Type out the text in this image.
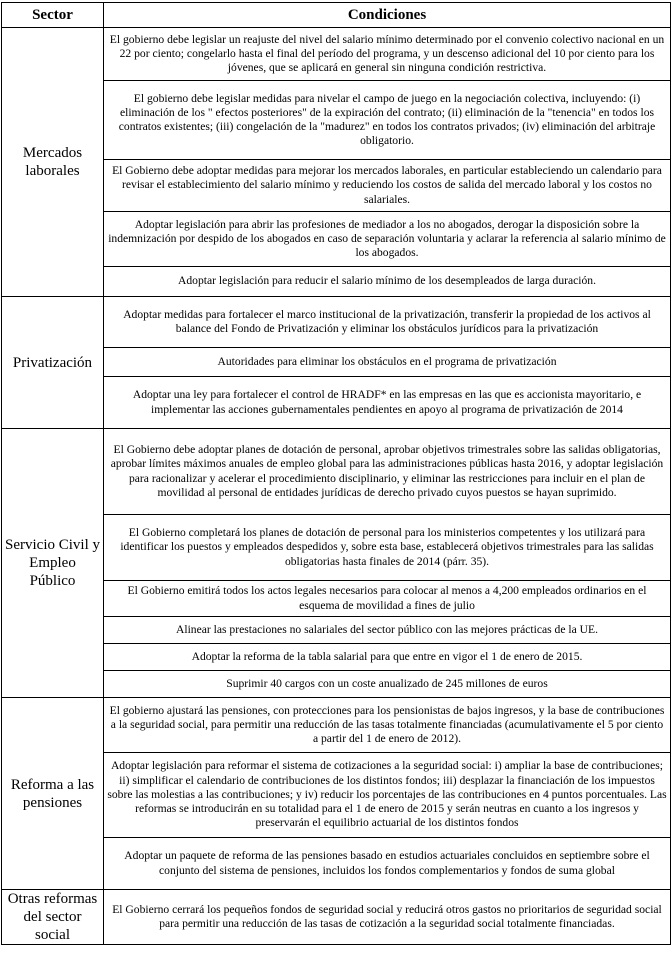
Sector	Condiciones
Mercados laborales	El gobierno debe legislar un reajuste del nivel del salario mínimo determinado por el convenio colectivo nacional en un 22 por ciento; congelarlo hasta el final del período del programa, y un descenso adicional del 10 por ciento para los jóvenes, que se aplicará en general sin ninguna condición restrictiva.
	El gobierno debe legislar medidas para nivelar el campo de juego en la negociación colectiva, incluyendo: (i) eliminación de los " efectos posteriores" de la expiración del contrato; (ii) eliminación de la "tenencia" en todos los contratos existentes; (iii) congelación de la "madurez" en todos los contratos privados; (iv) eliminación del arbitraje obligatorio.
	El Gobierno debe adoptar medidas para mejorar los mercados laborales, en particular estableciendo un calendario para revisar el establecimiento del salario mínimo y reduciendo los costos de salida del mercado laboral y los costos no salariales.
	Adoptar legislación para abrir las profesiones de mediador a los no abogados, derogar la disposición sobre la indemnización por despido de los abogados en caso de separación voluntaria y aclarar la referencia al salario mínimo de los abogados.
	Adoptar legislación para reducir el salario mínimo de los desempleados de larga duración.
Privatización	Adoptar medidas para fortalecer el marco institucional de la privatización, transferir la propiedad de los activos al balance del Fondo de Privatización y eliminar los obstáculos jurídicos para la privatización
	Autoridades para eliminar los obstáculos en el programa de privatización
	Adoptar una ley para fortalecer el control de HRADF* en las empresas en las que es accionista mayoritario, e implementar las acciones gubernamentales pendientes en apoyo al programa de privatización de 2014
Servicio Civil y Empleo Público	El Gobierno debe adoptar planes de dotación de personal, aprobar objetivos trimestrales sobre las salidas obligatorias, aprobar límites máximos anuales de empleo global para las administraciones públicas hasta 2016, y adoptar legislación para racionalizar y acelerar el procedimiento disciplinario, y eliminar las restricciones para incluir en el plan de movilidad al personal de entidades jurídicas de derecho privado cuyos puestos se hayan suprimido.
	El Gobierno completará los planes de dotación de personal para los ministerios competentes y los utilizará para identificar los puestos y empleados despedidos y, sobre esta base, establecerá objetivos trimestrales para las salidas obligatorias hasta finales de 2014 (párr. 35).
	El Gobierno emitirá todos los actos legales necesarios para colocar al menos a 4,200 empleados ordinarios en el esquema de movilidad a fines de julio
	Alinear las prestaciones no salariales del sector público con las mejores prácticas de la UE.
	Adoptar la reforma de la tabla salarial para que entre en vigor el 1 de enero de 2015.
	Suprimir 40 cargos con un coste anualizado de 245 millones de euros
Reforma a las pensiones	El gobierno ajustará las pensiones, con protecciones para los pensionistas de bajos ingresos, y la base de contribuciones a la seguridad social, para permitir una reducción de las tasas totalmente financiadas (acumulativamente el 5 por ciento a partir del 1 de enero de 2012).
	Adoptar legislación para reformar el sistema de cotizaciones a la seguridad social: i) ampliar la base de contribuciones; ii) simplificar el calendario de contribuciones de los distintos fondos; iii) desplazar la financiación de los impuestos sobre las molestias a las contribuciones; y iv) reducir los porcentajes de las contribuciones en 4 puntos porcentuales. Las reformas se introducirán en su totalidad para el 1 de enero de 2015 y serán neutras en cuanto a los ingresos y preservarán el equilibrio actuarial de los distintos fondos
	Adoptar un paquete de reforma de las pensiones basado en estudios actuariales concluidos en septiembre sobre el conjunto del sistema de pensiones, incluidos los fondos complementarios y fondos de suma global
Otras reformas del sector social	El Gobierno cerrará los pequeños fondos de seguridad social y reducirá otros gastos no prioritarios de seguridad social para permitir una reducción de las tasas de cotización a la seguridad social totalmente financiadas.
